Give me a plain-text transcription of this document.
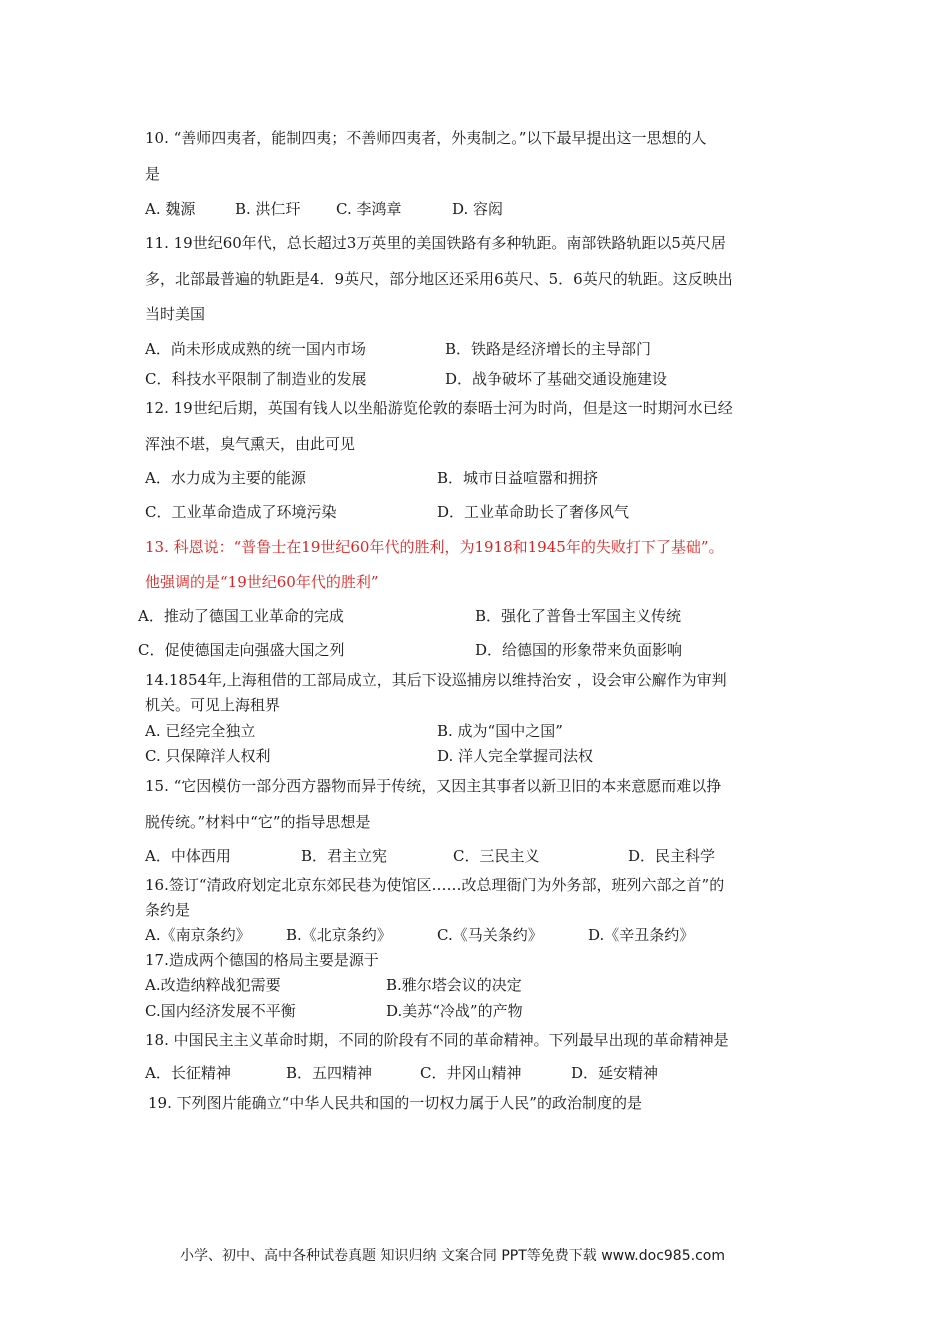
10. “善师四夷者，能制四夷；不善师四夷者，外夷制之。”以下最早提出这一思想的人
是
A. 魏源	B. 洪仁玕 C. 李鸿章	D. 容闳
11. 19世纪60年代，总长超过3万英里的美国铁路有多种轨距。南部铁路轨距以5英尺居
多，北部最普遍的轨距是4．9英尺，部分地区还采用6英尺、5．6英尺的轨距。这反映出
当时美国
A．尚未形成成熟的统一国内市场	B．铁路是经济增长的主导部门
C．科技水平限制了制造业的发展	D．战争破坏了基础交通设施建设
12. 19世纪后期，英国有钱人以坐船游览伦敦的泰晤士河为时尚，但是这一时期河水已经
浑浊不堪，臭气熏天，由此可见
A．水力成为主要的能源	B．城市日益喧嚣和拥挤
C．工业革命造成了环境污染	D．工业革命助长了奢侈风气
13. 科恩说：“普鲁士在19世纪60年代的胜利，为1918和1945年的失败打下了基础”。
他强调的是“19世纪60年代的胜利”
A．推动了德国工业革命的完成	B．强化了普鲁士军国主义传统
C．促使德国走向强盛大国之列	D．给德国的形象带来负面影响
14.1854年,上海租借的工部局成立，其后下设巡捕房以维持治安 ，设会审公廨作为审判
机关。可见上海租界
A. 已经完全独立	B. 成为“国中之国”
C. 只保障洋人权利	D. 洋人完全掌握司法权
15. “它因模仿一部分西方器物而异于传统，又因主其事者以新卫旧的本来意愿而难以挣
脱传统。”材料中“它”的指导思想是
A．中体西用	B．君主立宪	C．三民主义	D．民主科学
16.签订“清政府划定北京东郊民巷为使馆区……改总理衙门为外务部，班列六部之首”的
条约是
A.《南京条约》 B.《北京条约》	C.《马关条约》	D.《辛丑条约》
17.造成两个德国的格局主要是源于
A.改造纳粹战犯需要	B.雅尔塔会议的决定
C.国内经济发展不平衡	D.美苏“冷战”的产物
18. 中国民主主义革命时期，不同的阶段有不同的革命精神。下列最早出现的革命精神是
A．长征精神	B．五四精神	C．井冈山精神	D．延安精神
19. 下列图片能确立“中华人民共和国的一切权力属于人民”的政治制度的是
小学、初中、高中各种试卷真题 知识归纳 文案合同 PPT等免费下载 www.doc985.com
